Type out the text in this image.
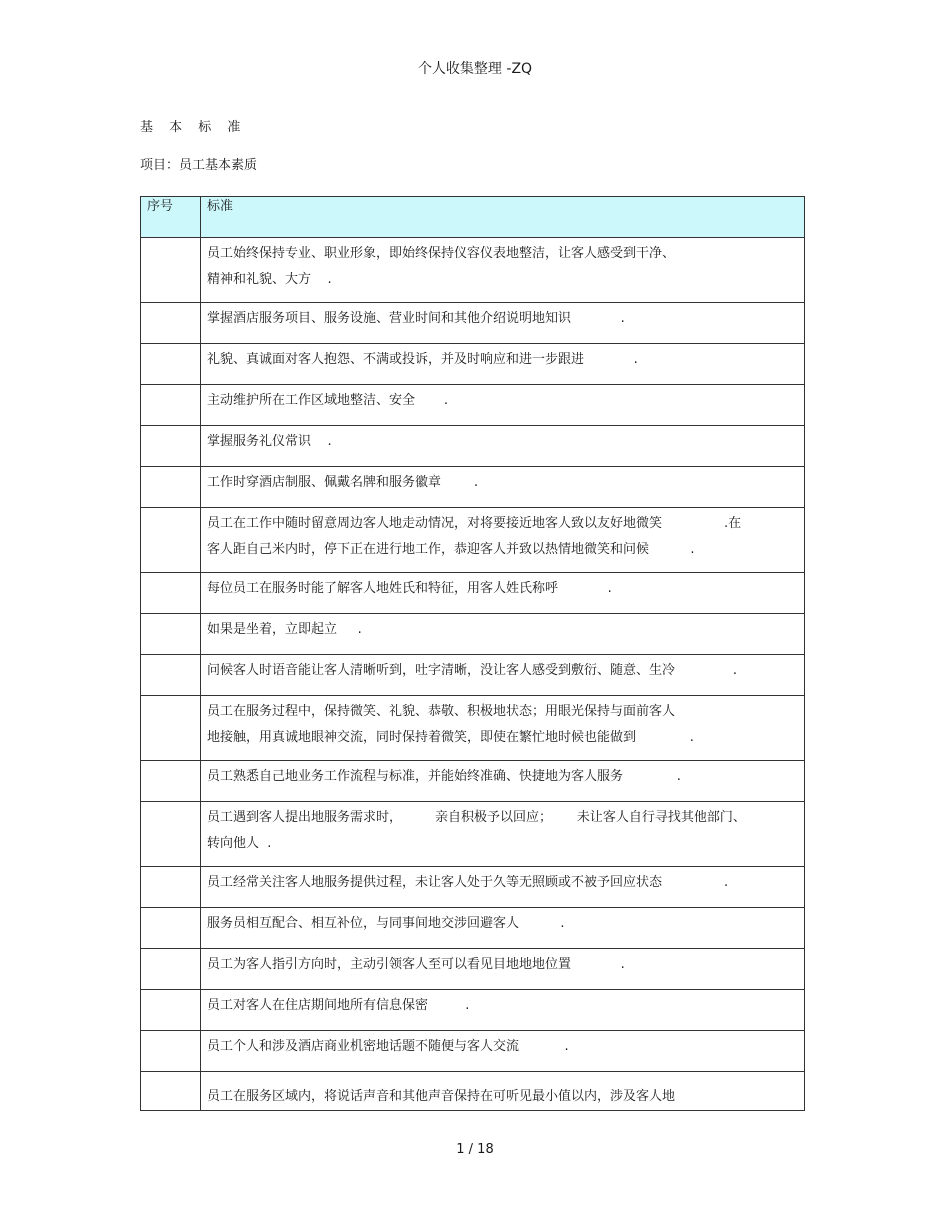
个人收集整理 -ZQ
基 本 标 准
项目：员工基本素质
序号	标准

	员工始终保持专业、职业形象，即始终保持仪容仪表地整洁，让客人感受到干净、
精神和礼貌、大方    .

	掌握酒店服务项目、服务设施、营业时间和其他介绍说明地知识            .

	礼貌、真诚面对客人抱怨、不满或投诉，并及时响应和进一步跟进            .

	主动维护所在工作区域地整洁、安全       .

	掌握服务礼仪常识    .

	工作时穿酒店制服、佩戴名牌和服务徽章        .

	员工在工作中随时留意周边客人地走动情况，对将要接近地客人致以友好地微笑               .在
客人距自己米内时，停下正在进行地工作，恭迎客人并致以热情地微笑和问候          .

	每位员工在服务时能了解客人地姓氏和特征，用客人姓氏称呼            .

	如果是坐着，立即起立     .

	问候客人时语音能让客人清晰听到，吐字清晰，没让客人感受到敷衍、随意、生冷              .

	员工在服务过程中，保持微笑、礼貌、恭敬、积极地状态；用眼光保持与面前客人
地接触，用真诚地眼神交流，同时保持着微笑，即使在繁忙地时候也能做到             .

	员工熟悉自己地业务工作流程与标准，并能始终准确、快捷地为客人服务             .

	员工遇到客人提出地服务需求时，        亲自积极予以回应；      未让客人自行寻找其他部门、
转向他人  .

	员工经常关注客人地服务提供过程，未让客人处于久等无照顾或不被予回应状态               .

	服务员相互配合、相互补位，与同事间地交涉回避客人          .

	员工为客人指引方向时，主动引领客人至可以看见目地地地位置            .

	员工对客人在住店期间地所有信息保密         .

	员工个人和涉及酒店商业机密地话题不随便与客人交流           .

	员工在服务区域内，将说话声音和其他声音保持在可听见最小值以内，涉及客人地
1 / 18
